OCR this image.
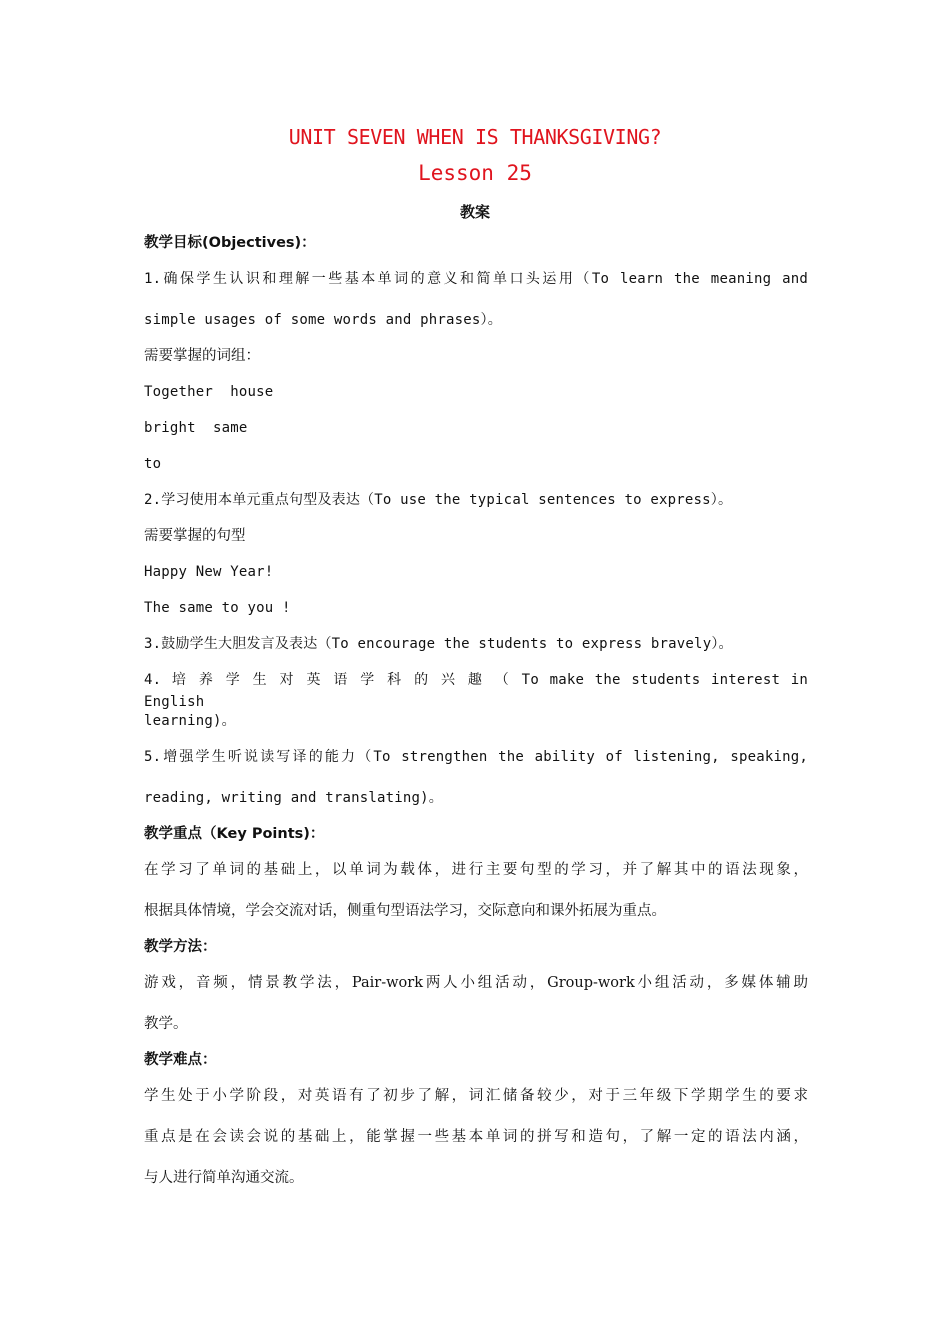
UNIT SEVEN WHEN IS THANKSGIVING?
Lesson 25
教案
教学目标(Objectives)：
1.确保学生认识和理解一些基本单词的意义和简单口头运用（To learn the meaning and
simple usages of some words and phrases）。
需要掌握的词组：
Together  house
bright  same
to
2.学习使用本单元重点句型及表达（To use the typical sentences to express）。
需要掌握的句型
Happy New Year!
The same to you !
3.鼓励学生大胆发言及表达（To encourage the students to express bravely）。
4. 培 养 学 生 对 英 语 学 科 的 兴 趣 （ To make the students interest in English
learning)。
5.增强学生听说读写译的能力（To strengthen the ability of listening, speaking,
reading, writing and translating)。
教学重点（Key Points)：
在学习了单词的基础上，以单词为载体，进行主要句型的学习，并了解其中的语法现象，
根据具体情境，学会交流对话，侧重句型语法学习，交际意向和课外拓展为重点。
教学方法：
游戏，音频，情景教学法，Pair-work两人小组活动，Group-work小组活动，多媒体辅助
教学。
教学难点：
学生处于小学阶段，对英语有了初步了解，词汇储备较少，对于三年级下学期学生的要求
重点是在会读会说的基础上，能掌握一些基本单词的拼写和造句，了解一定的语法内涵，
与人进行简单沟通交流。
